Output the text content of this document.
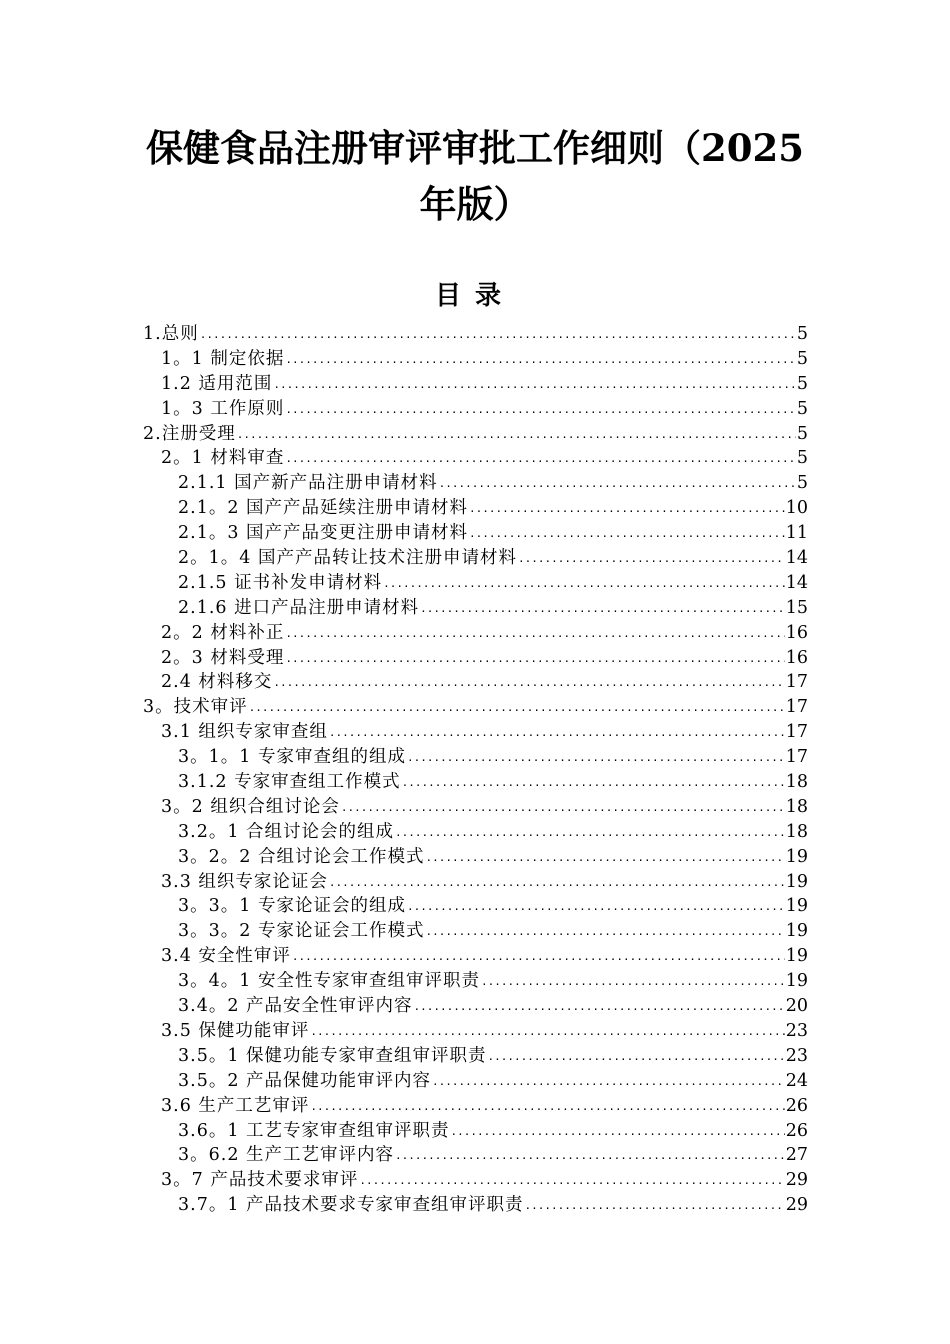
保健食品注册审评审批工作细则（2025年版）
目录
1.总则 .....	5
1。1 制定依据 .....	5
1.2 适用范围 .....	5
1。3 工作原则 .....	5
2.注册受理 .....	5
2。1 材料审查 .....	5
2.1.1 国产新产品注册申请材料 .....	5
2.1。2 国产产品延续注册申请材料 .....	10
2.1。3 国产产品变更注册申请材料 .....	11
2。1。4 国产产品转让技术注册申请材料 .....	14
2.1.5 证书补发申请材料 .....	14
2.1.6 进口产品注册申请材料 .....	15
2。2 材料补正 .....	16
2。3 材料受理 .....	16
2.4 材料移交 .....	17
3。技术审评 .....	17
3.1 组织专家审查组 .....	17
3。1。1 专家审查组的组成 .....	17
3.1.2 专家审查组工作模式 .....	18
3。2 组织合组讨论会 .....	18
3.2。1 合组讨论会的组成 .....	18
3。2。2 合组讨论会工作模式 .....	19
3.3 组织专家论证会 .....	19
3。3。1 专家论证会的组成 .....	19
3。3。2 专家论证会工作模式 .....	19
3.4 安全性审评 .....	19
3。4。1 安全性专家审查组审评职责 .....	19
3.4。2 产品安全性审评内容 .....	20
3.5 保健功能审评 .....	23
3.5。1 保健功能专家审查组审评职责 .....	23
3.5。2 产品保健功能审评内容 .....	24
3.6 生产工艺审评 .....	26
3.6。1 工艺专家审查组审评职责 .....	26
3。6.2 生产工艺审评内容 .....	27
3。7 产品技术要求审评 .....	29
3.7。1 产品技术要求专家审查组审评职责 .....	29
